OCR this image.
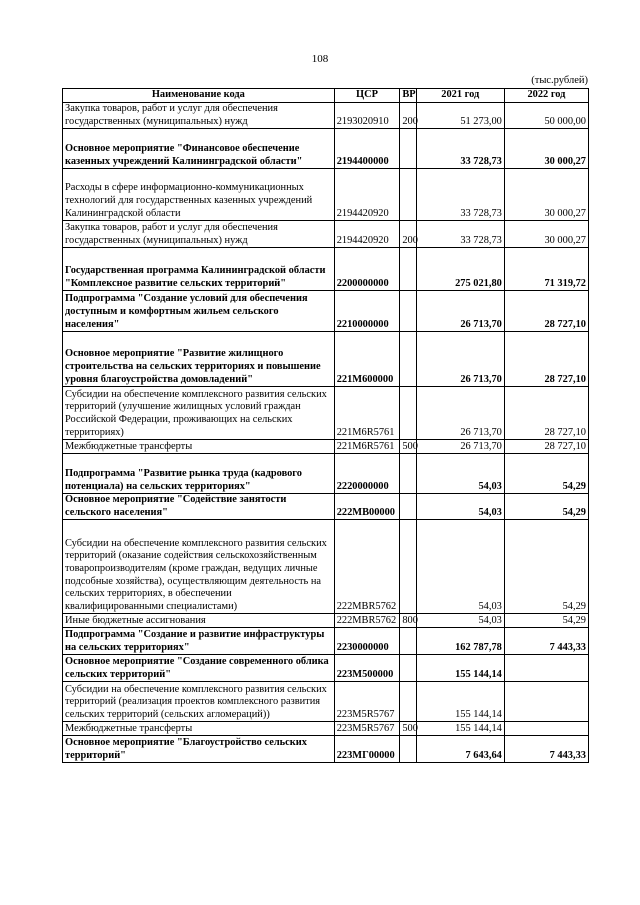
108
(тыс.рублей)
Наименование кода	ЦСР	ВР	2021 год	2022 год
Закупка товаров, работ и услуг для обеспечения государственных (муниципальных) нужд	2193020910	200	51 273,00	50 000,00
Основное мероприятие "Финансовое обеспечение казенных учреждений Калининградской области"	2194400000		33 728,73	30 000,27
Расходы в сфере информационно-коммуникационных технологий для государственных казенных учреждений Калининградской области	2194420920		33 728,73	30 000,27
Закупка товаров, работ и услуг для обеспечения государственных (муниципальных) нужд	2194420920	200	33 728,73	30 000,27
Государственная программа Калининградской области "Комплексное развитие сельских территорий"	2200000000		275 021,80	71 319,72
Подпрограмма "Создание условий для обеспечения доступным и комфортным жильем сельского населения"	2210000000		26 713,70	28 727,10
Основное мероприятие "Развитие жилищного строительства на сельских территориях и повышение уровня благоустройства домовладений"	221М600000		26 713,70	28 727,10
Субсидии на обеспечение комплексного развития сельских территорий (улучшение жилищных условий граждан Российской Федерации, проживающих на сельских территориях)	221М6R5761		26 713,70	28 727,10
Межбюджетные трансферты	221М6R5761	500	26 713,70	28 727,10
Подпрограмма "Развитие рынка труда (кадрового потенциала) на сельских территориях"	2220000000		54,03	54,29
Основное мероприятие "Содействие занятости сельского населения"	222МВ00000		54,03	54,29
Субсидии на обеспечение комплексного развития сельских территорий (оказание содействия сельскохозяйственным товаропроизводителям (кроме граждан, ведущих личные подсобные хозяйства), осуществляющим деятельность на сельских территориях, в обеспечении квалифицированными специалистами)	222МВR5762		54,03	54,29
Иные бюджетные ассигнования	222МВR5762	800	54,03	54,29
Подпрограмма "Создание и развитие инфраструктуры на сельских территориях"	2230000000		162 787,78	7 443,33
Основное мероприятие "Создание современного облика сельских территорий"	223М500000		155 144,14	
Субсидии на обеспечение комплексного развития сельских территорий (реализация проектов комплексного развития сельских территорий (сельских агломераций))	223М5R5767		155 144,14	
Межбюджетные трансферты	223М5R5767	500	155 144,14	
Основное мероприятие "Благоустройство сельских территорий"	223МГ00000		7 643,64	7 443,33
